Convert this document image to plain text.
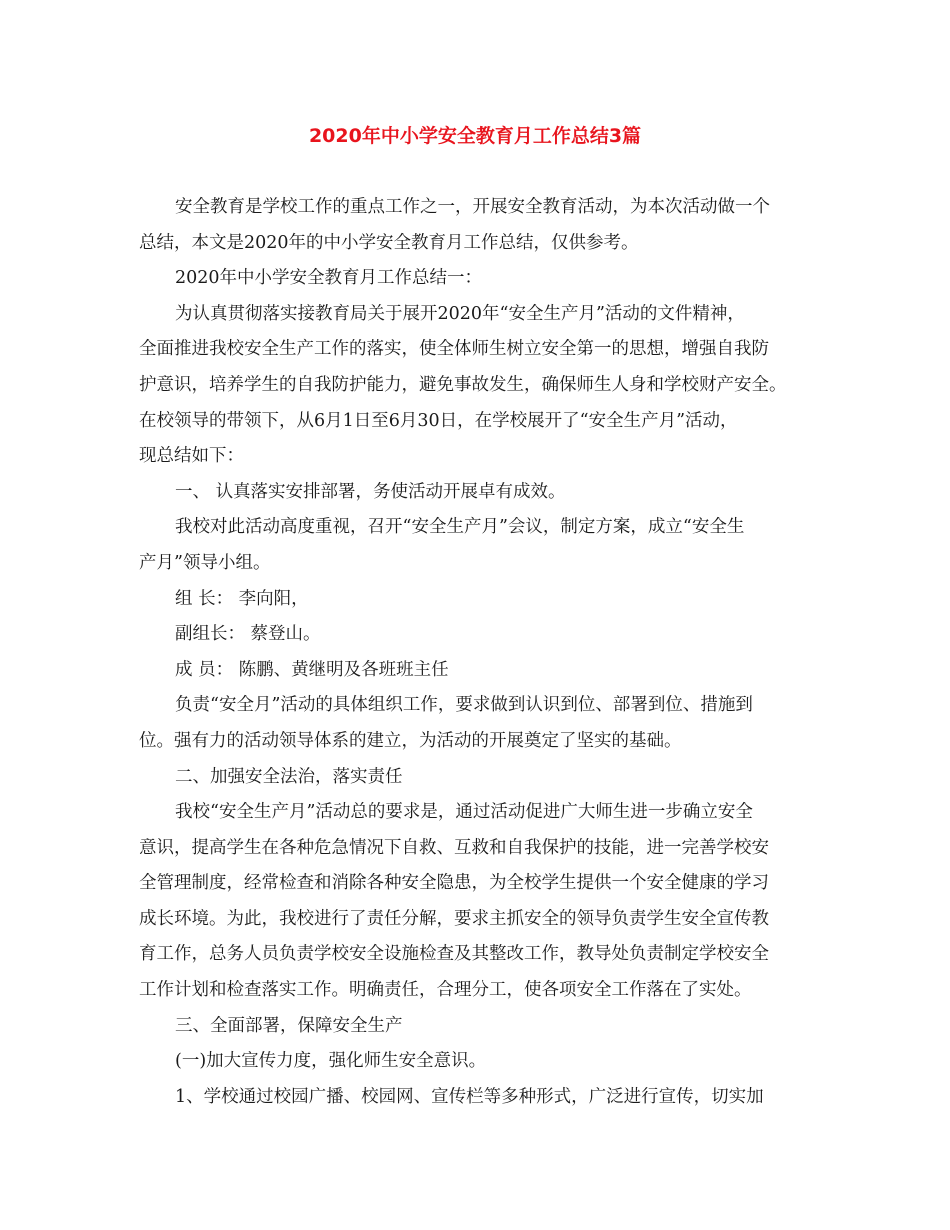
2020年中小学安全教育月工作总结3篇

安全教育是学校工作的重点工作之一，开展安全教育活动，为本次活动做一个

总结，本文是2020年的中小学安全教育月工作总结，仅供参考。

2020年中小学安全教育月工作总结一：

为认真贯彻落实接教育局关于展开2020年“安全生产月”活动的文件精神，

全面推进我校安全生产工作的落实，使全体师生树立安全第一的思想，增强自我防

护意识，培养学生的自我防护能力，避免事故发生，确保师生人身和学校财产安全。

在校领导的带领下，从6月1日至6月30日，在学校展开了“安全生产月”活动，

现总结如下：

一、 认真落实安排部署，务使活动开展卓有成效。

我校对此活动高度重视，召开“安全生产月”会议，制定方案，成立“安全生

产月”领导小组。

组 长： 李向阳，

副组长： 蔡登山。

成 员： 陈鹏、黄继明及各班班主任

负责“安全月”活动的具体组织工作，要求做到认识到位、部署到位、措施到

位。强有力的活动领导体系的建立，为活动的开展奠定了坚实的基础。

二、加强安全法治，落实责任

我校“安全生产月”活动总的要求是，通过活动促进广大师生进一步确立安全

意识，提高学生在各种危急情况下自救、互救和自我保护的技能，进一完善学校安

全管理制度，经常检查和消除各种安全隐患，为全校学生提供一个安全健康的学习

成长环境。为此，我校进行了责任分解，要求主抓安全的领导负责学生安全宣传教

育工作，总务人员负责学校安全设施检查及其整改工作，教导处负责制定学校安全

工作计划和检查落实工作。明确责任，合理分工，使各项安全工作落在了实处。

三、全面部署，保障安全生产

(一)加大宣传力度，强化师生安全意识。

1、学校通过校园广播、校园网、宣传栏等多种形式，广泛进行宣传，切实加
